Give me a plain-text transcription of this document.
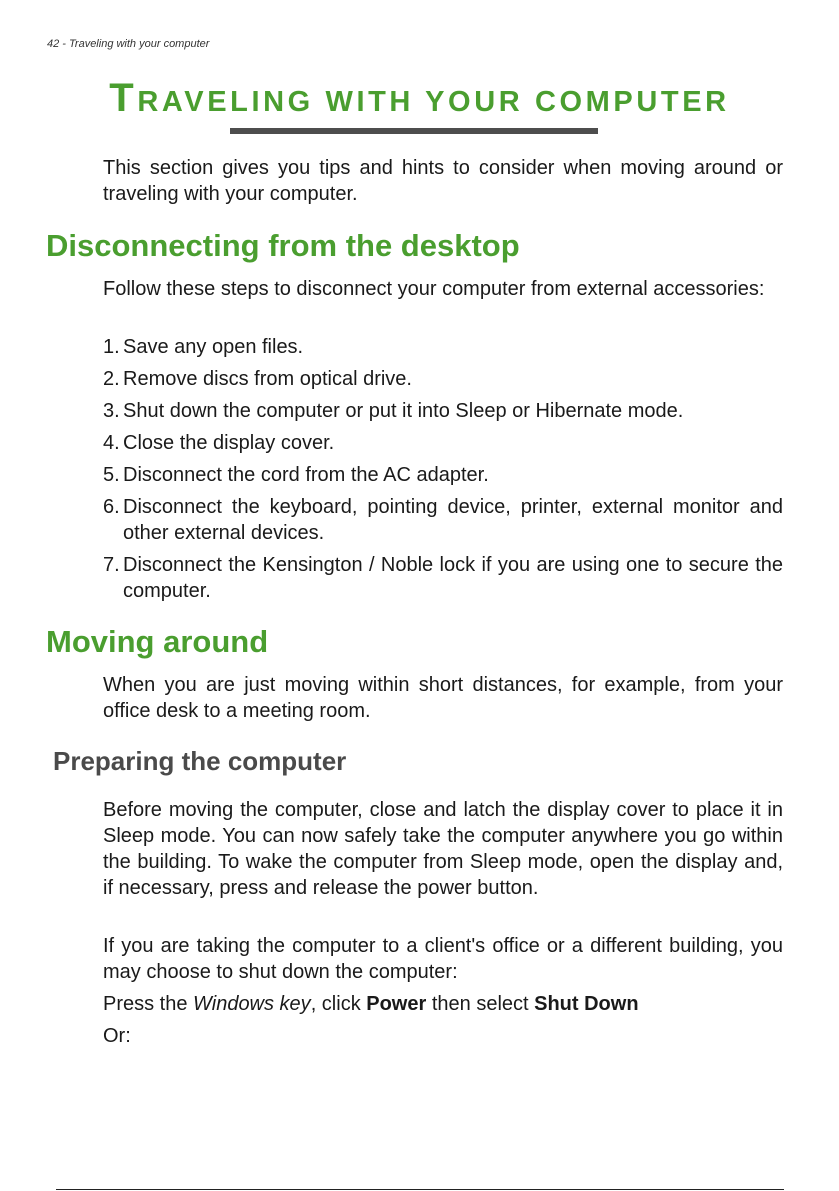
42 - Traveling with your computer
TRAVELING WITH YOUR COMPUTER

This section gives you tips and hints to consider when moving around or traveling with your computer.

Disconnecting from the desktop

Follow these steps to disconnect your computer from external accessories:

1. Save any open files.
2. Remove discs from optical drive.
3. Shut down the computer or put it into Sleep or Hibernate mode.
4. Close the display cover.
5. Disconnect the cord from the AC adapter.
6. Disconnect the keyboard, pointing device, printer, external monitor and other external devices.
7. Disconnect the Kensington / Noble lock if you are using one to secure the computer.
Moving around

When you are just moving within short distances, for example, from your office desk to a meeting room.

Preparing the computer

Before moving the computer, close and latch the display cover to place it in Sleep mode. You can now safely take the computer anywhere you go within the building. To wake the computer from Sleep mode, open the display and, if necessary, press and release the power button.

If you are taking the computer to a client's office or a different building, you may choose to shut down the computer:

Press the Windows key, click Power then select Shut Down

Or:
